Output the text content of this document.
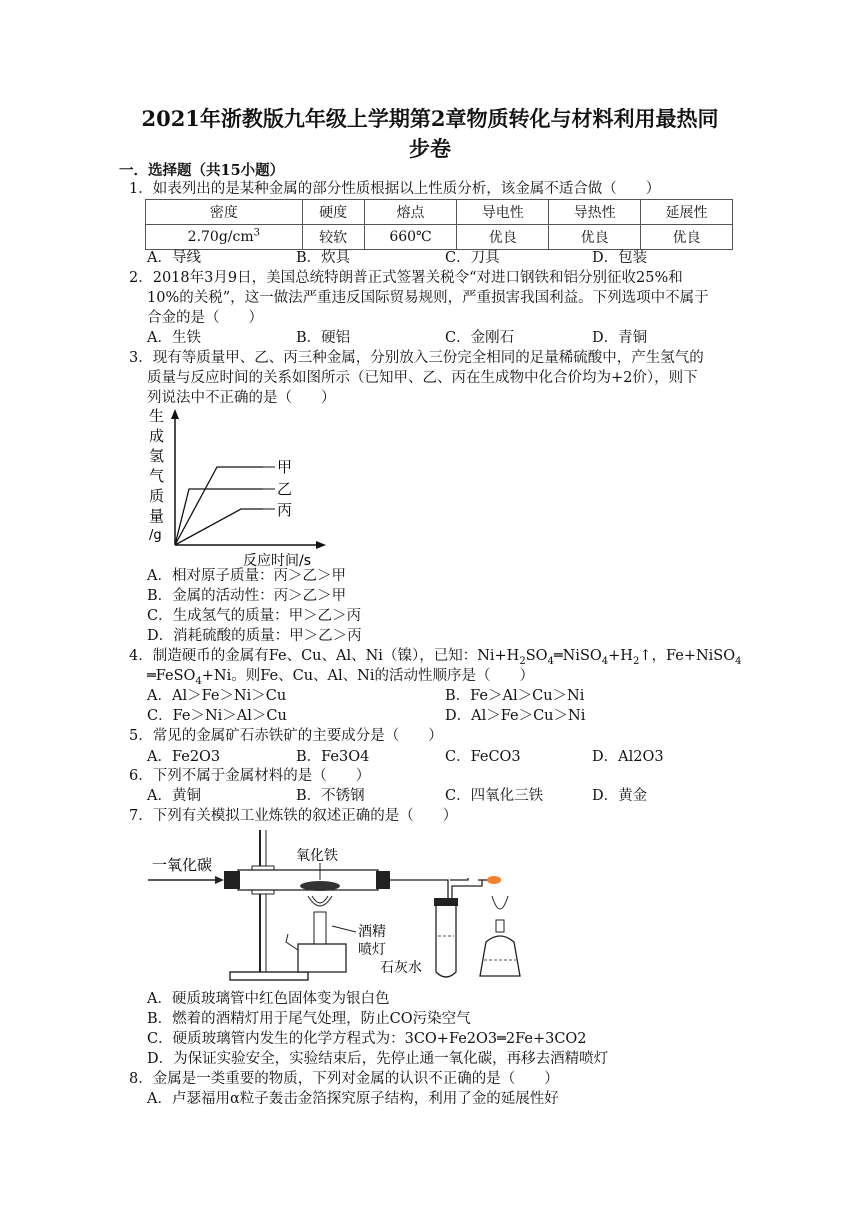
2021年浙教版九年级上学期第2章物质转化与材料利用最热同
步卷
一．选择题（共15小题）
1．如表列出的是某种金属的部分性质根据以上性质分析，该金属不适合做（　　）
密度	硬度	熔点	导电性	导热性	延展性
$2.70g/cm^3$	较软	660℃	优良	优良	优良
A．导线	B．炊具	C．刀具	D．包装
2．2018年3月9日，美国总统特朗普正式签署关税令“对进口钢铁和铝分别征收25%和
10%的关税”，这一做法严重违反国际贸易规则，严重损害我国利益。下列选项中不属于
合金的是（　　）
A．生铁	B．硬铝	C．金刚石	D．青铜
3．现有等质量甲、乙、丙三种金属，分别放入三份完全相同的足量稀硫酸中，产生氢气的
质量与反应时间的关系如图所示（已知甲、乙、丙在生成物中化合价均为+2价），则下
列说法中不正确的是（　　）
生
成
氢
气
质
量
/g
甲
乙
丙
反应时间/s
A．相对原子质量：丙＞乙＞甲
B．金属的活动性：丙＞乙＞甲
C．生成氢气的质量：甲＞乙＞丙
D．消耗硫酸的质量：甲＞乙＞丙
4．制造硬币的金属有Fe、Cu、Al、Ni（镍），已知：$Ni+H_2SO_4═NiSO_4+H_2↑$，Fe+NiSO$_4$
═FeSO$_4$+Ni。则Fe、Cu、Al、Ni的活动性顺序是（　　）
A．Al＞Fe＞Ni＞Cu	B．Fe＞Al＞Cu＞Ni
C．Fe＞Ni＞Al＞Cu	D．Al＞Fe＞Cu＞Ni
5．常见的金属矿石赤铁矿的主要成分是（　　）
A．Fe2O3	B．Fe3O4	C．FeCO3	D．Al2O3
6．下列不属于金属材料的是（　　）
A．黄铜	B．不锈钢	C．四氧化三铁	D．黄金
7．下列有关模拟工业炼铁的叙述正确的是（　　）
一氧化碳	氧化铁
酒精
喷灯
石灰水
A．硬质玻璃管中红色固体变为银白色
B．燃着的酒精灯用于尾气处理，防止CO污染空气
C．硬质玻璃管内发生的化学方程式为：3CO+Fe2O3═2Fe+3CO2
D．为保证实验安全，实验结束后，先停止通一氧化碳，再移去酒精喷灯
8．金属是一类重要的物质，下列对金属的认识不正确的是（　　）
A．卢瑟福用α粒子轰击金箔探究原子结构，利用了金的延展性好
